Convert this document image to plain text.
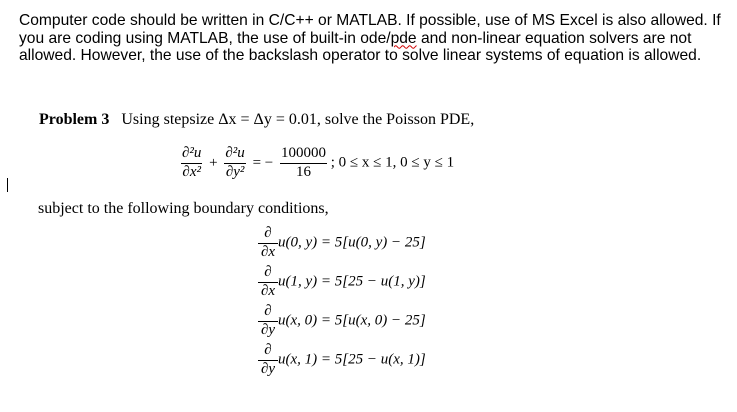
Computer code should be written in C/C++ or MATLAB. If possible, use of MS Excel is also allowed. If you are coding using MATLAB, the use of built-in ode/pde and non-linear equation solvers are not allowed. However, the use of the backslash operator to solve linear systems of equation is allowed.
Problem 3 Using stepsize Δx = Δy = 0.01, solve the Poisson PDE,
$\frac{\text{∂²u}}{\text{∂x²}} + \frac{\text{∂²u}}{\text{∂y²}}$ = − $\frac{100000}{16}$ ; 0 ≤ x ≤ 1, 0 ≤ y ≤ 1
subject to the following boundary conditions,
$\frac{\partial}{\partial x} u(0$, y) = 5[u(0, y) − 25]
$\frac{\partial}{\partial x} u(1$, y) = 5[25 − u(1, y)]
$\frac{\partial}{\partial y} u(x$, 0) = 5[u(x, 0) − 25]
$\frac{\partial}{\partial y} u(x$, 1) = 5[25 − u(x, 1)]
